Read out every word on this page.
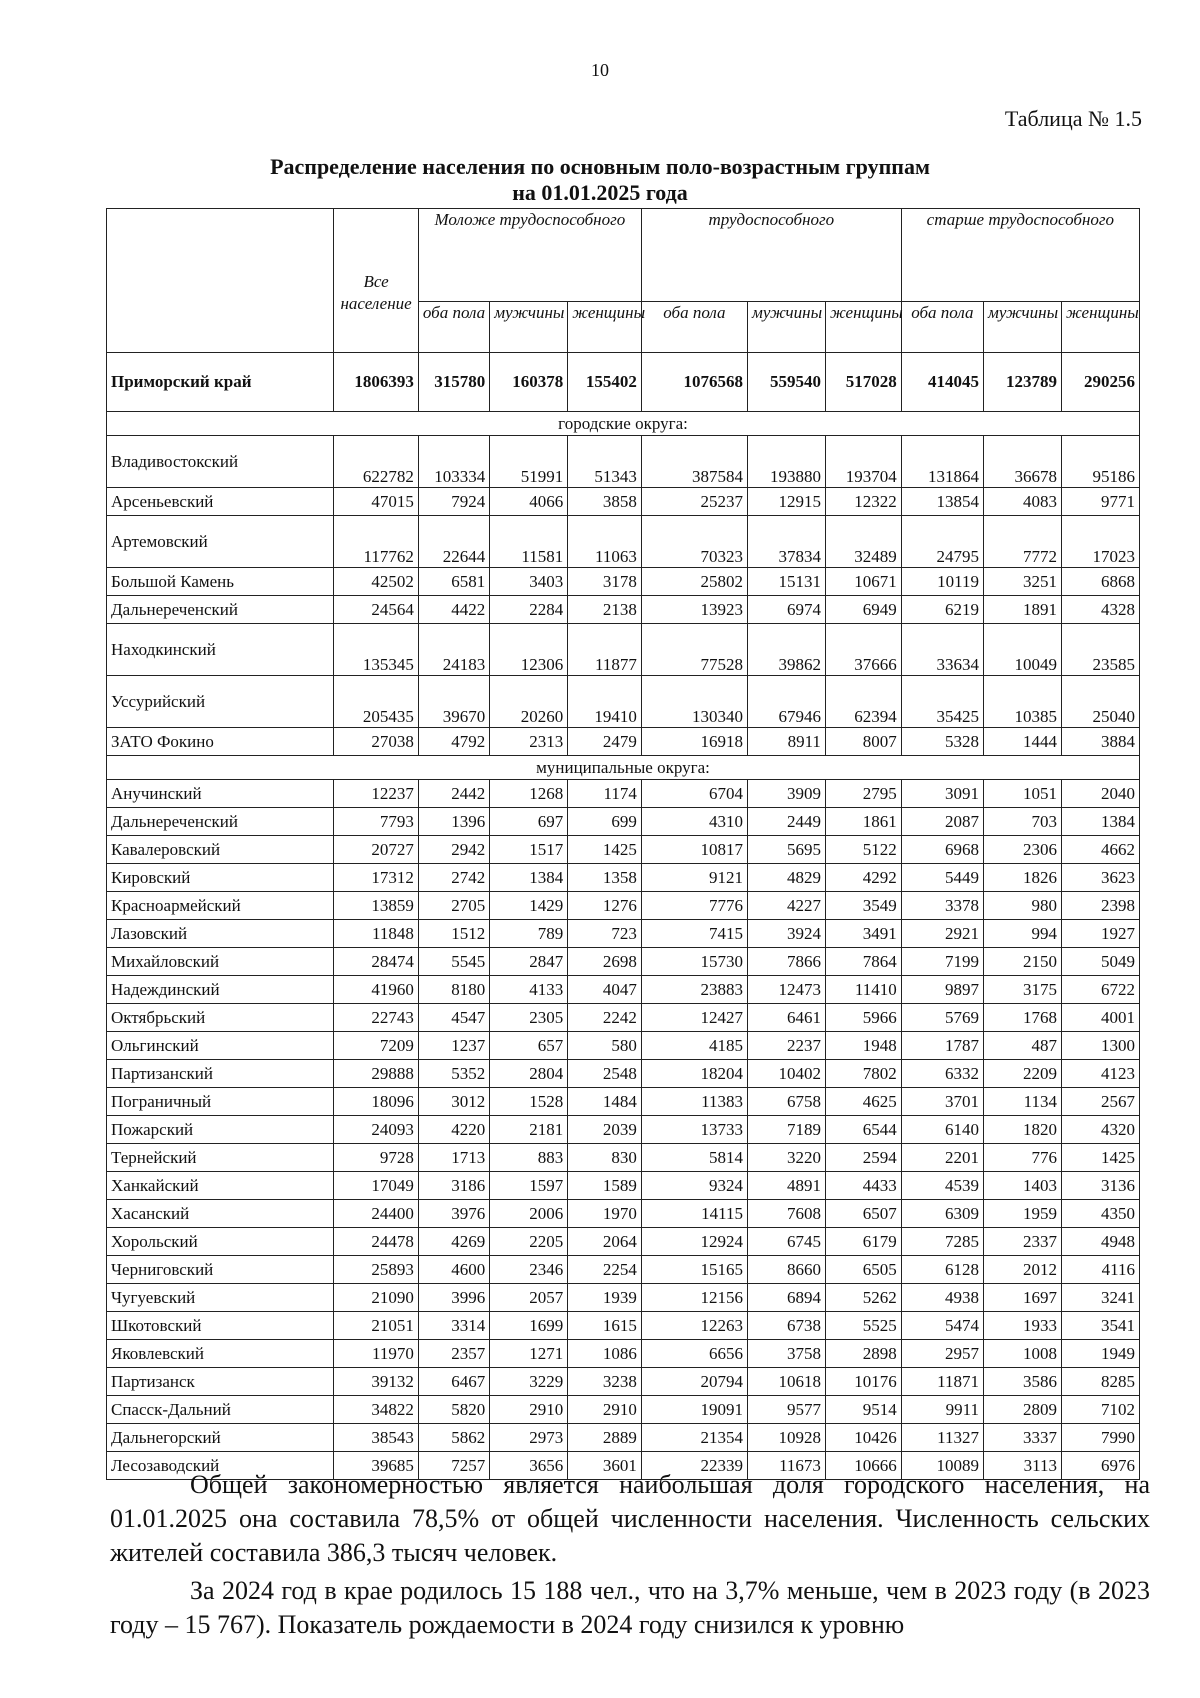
10
Таблица № 1.5
Распределение населения по основным поло-возрастным группам
на 01.01.2025 года
	Все население	Моложе трудоспособного			трудоспособного			старше трудоспособного		
		оба пола	мужчины	женщины	оба пола	мужчины	женщины	оба пола	мужчины	женщины
Приморский край	1806393	315780	160378	155402	1076568	559540	517028	414045	123789	290256
городские округа:										
Владивостокский	622782	103334	51991	51343	387584	193880	193704	131864	36678	95186
Арсеньевский	47015	7924	4066	3858	25237	12915	12322	13854	4083	9771
Артемовский	117762	22644	11581	11063	70323	37834	32489	24795	7772	17023
Большой Камень	42502	6581	3403	3178	25802	15131	10671	10119	3251	6868
Дальнереченский	24564	4422	2284	2138	13923	6974	6949	6219	1891	4328
Находкинский	135345	24183	12306	11877	77528	39862	37666	33634	10049	23585
Уссурийский	205435	39670	20260	19410	130340	67946	62394	35425	10385	25040
ЗАТО Фокино	27038	4792	2313	2479	16918	8911	8007	5328	1444	3884
муниципальные округа:										
Анучинский	12237	2442	1268	1174	6704	3909	2795	3091	1051	2040
Дальнереченский	7793	1396	697	699	4310	2449	1861	2087	703	1384
Кавалеровский	20727	2942	1517	1425	10817	5695	5122	6968	2306	4662
Кировский	17312	2742	1384	1358	9121	4829	4292	5449	1826	3623
Красноармейский	13859	2705	1429	1276	7776	4227	3549	3378	980	2398
Лазовский	11848	1512	789	723	7415	3924	3491	2921	994	1927
Михайловский	28474	5545	2847	2698	15730	7866	7864	7199	2150	5049
Надеждинский	41960	8180	4133	4047	23883	12473	11410	9897	3175	6722
Октябрьский	22743	4547	2305	2242	12427	6461	5966	5769	1768	4001
Ольгинский	7209	1237	657	580	4185	2237	1948	1787	487	1300
Партизанский	29888	5352	2804	2548	18204	10402	7802	6332	2209	4123
Пограничный	18096	3012	1528	1484	11383	6758	4625	3701	1134	2567
Пожарский	24093	4220	2181	2039	13733	7189	6544	6140	1820	4320
Тернейский	9728	1713	883	830	5814	3220	2594	2201	776	1425
Ханкайский	17049	3186	1597	1589	9324	4891	4433	4539	1403	3136
Хасанский	24400	3976	2006	1970	14115	7608	6507	6309	1959	4350
Хорольский	24478	4269	2205	2064	12924	6745	6179	7285	2337	4948
Черниговский	25893	4600	2346	2254	15165	8660	6505	6128	2012	4116
Чугуевский	21090	3996	2057	1939	12156	6894	5262	4938	1697	3241
Шкотовский	21051	3314	1699	1615	12263	6738	5525	5474	1933	3541
Яковлевский	11970	2357	1271	1086	6656	3758	2898	2957	1008	1949
Партизанск	39132	6467	3229	3238	20794	10618	10176	11871	3586	8285
Спасск-Дальний	34822	5820	2910	2910	19091	9577	9514	9911	2809	7102
Дальнегорский	38543	5862	2973	2889	21354	10928	10426	11327	3337	7990
Лесозаводский	39685	7257	3656	3601	22339	11673	10666	10089	3113	6976
Общей закономерностью является наибольшая доля городского населения, на 01.01.2025 она составила 78,5% от общей численности населения. Численность сельских жителей составила 386,3 тысяч человек.
За 2024 год в крае родилось 15 188 чел., что на 3,7% меньше, чем в 2023 году (в 2023 году – 15 767). Показатель рождаемости в 2024 году снизился к уровню
